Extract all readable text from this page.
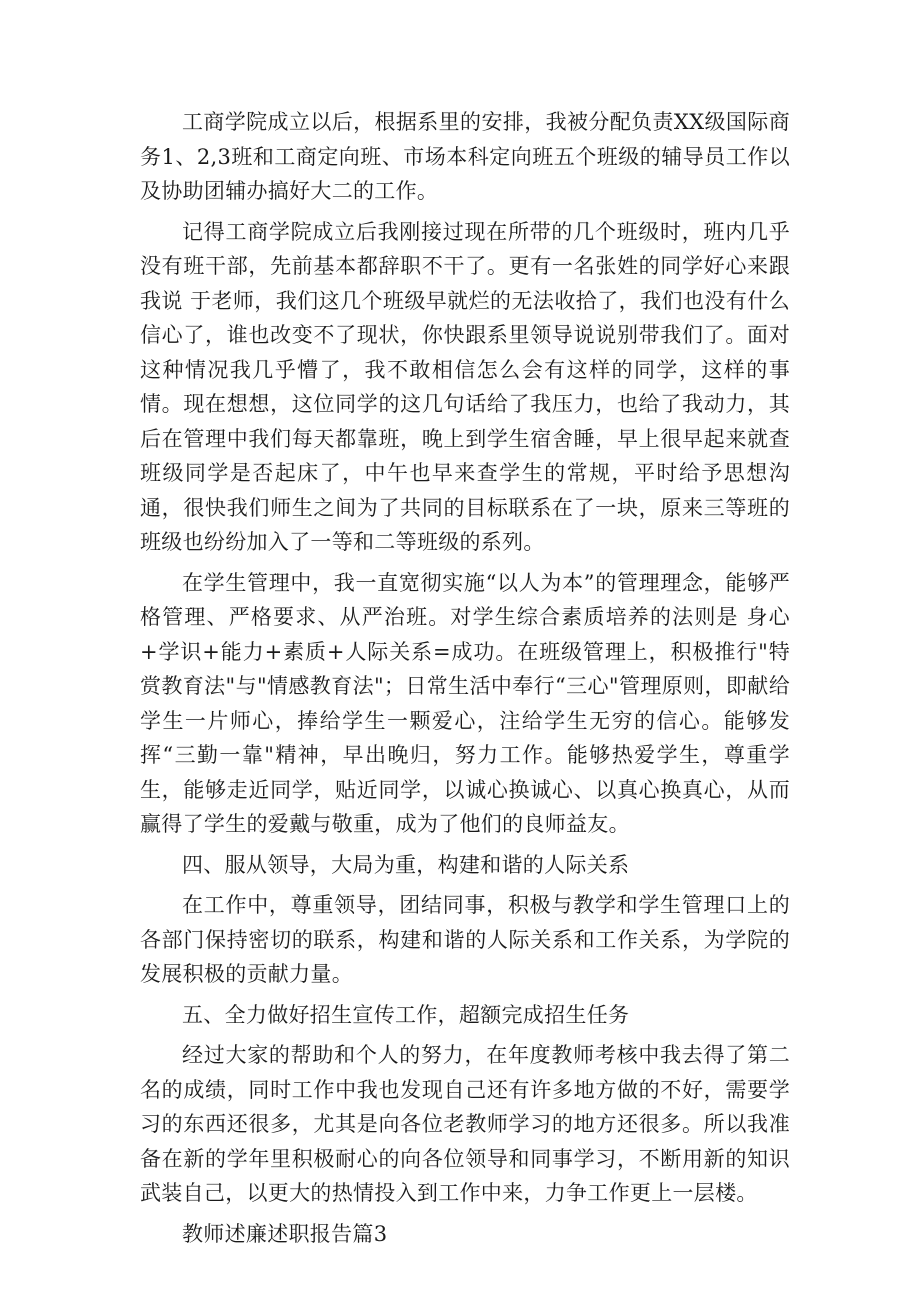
工商学院成立以后，根据系里的安排，我被分配负责XX级国际商务1、2,3班和工商定向班、市场本科定向班五个班级的辅导员工作以及协助团辅办搞好大二的工作。

记得工商学院成立后我刚接过现在所带的几个班级时，班内几乎没有班干部，先前基本都辞职不干了。更有一名张姓的同学好心来跟我说 于老师，我们这几个班级早就烂的无法收拾了，我们也没有什么信心了，谁也改变不了现状，你快跟系里领导说说别带我们了。面对这种情况我几乎懵了，我不敢相信怎么会有这样的同学，这样的事情。现在想想，这位同学的这几句话给了我压力，也给了我动力，其后在管理中我们每天都靠班，晚上到学生宿舍睡，早上很早起来就查班级同学是否起床了，中午也早来查学生的常规，平时给予思想沟通，很快我们师生之间为了共同的目标联系在了一块，原来三等班的班级也纷纷加入了一等和二等班级的系列。

在学生管理中，我一直宽彻实施“以人为本”的管理理念，能够严格管理、严格要求、从严治班。对学生综合素质培养的法则是 身心+学识+能力+素质+人际关系=成功。在班级管理上，积极推行"特赏教育法"与"情感教育法"；日常生活中奉行“三心"管理原则，即献给学生一片师心，捧给学生一颗爱心，注给学生无穷的信心。能够发挥“三勤一靠"精神，早出晚归，努力工作。能够热爱学生，尊重学生，能够走近同学，贴近同学，以诚心换诚心、以真心换真心，从而赢得了学生的爱戴与敬重，成为了他们的良师益友。

四、服从领导，大局为重，构建和谐的人际关系

在工作中，尊重领导，团结同事，积极与教学和学生管理口上的各部门保持密切的联系，构建和谐的人际关系和工作关系，为学院的发展积极的贡献力量。

五、全力做好招生宣传工作，超额完成招生任务

经过大家的帮助和个人的努力，在年度教师考核中我去得了第二名的成绩，同时工作中我也发现自己还有许多地方做的不好，需要学习的东西还很多，尤其是向各位老教师学习的地方还很多。所以我准备在新的学年里积极耐心的向各位领导和同事学习，不断用新的知识武装自己，以更大的热情投入到工作中来，力争工作更上一层楼。

教师述廉述职报告篇3
